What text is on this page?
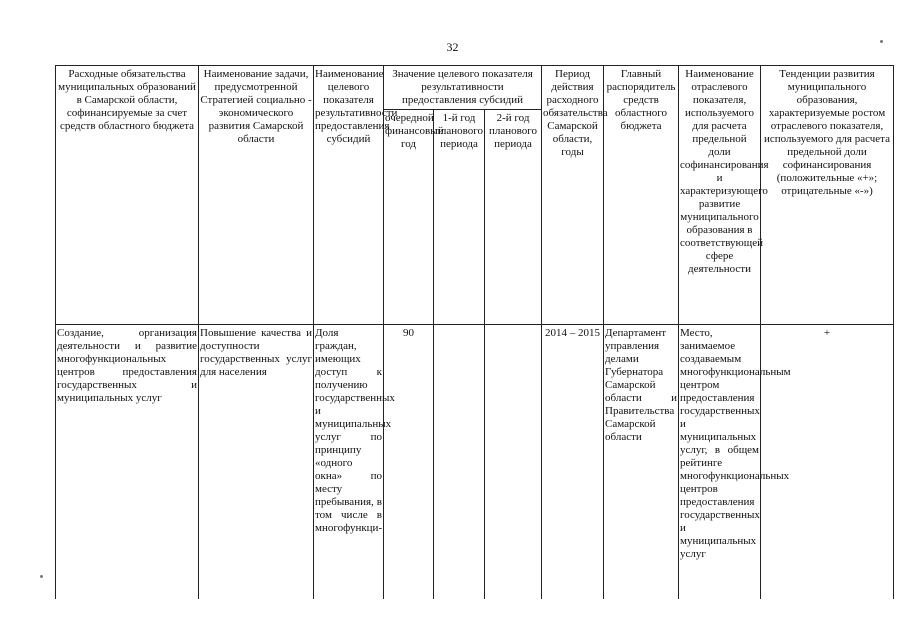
32
Расходные обязательства муниципальных образований в Самарской области, софинансируемые за счет средств областного бюджета	Наименование задачи, предусмотренной Стратегией социально - экономического развития Самарской области	Наименование целевого показателя результативности предоставления субсидий	Значение целевого показателя результативности предоставления субсидий			Период действия расходного обязательства Самарской области, годы	Главный распорядитель средств областного бюджета	Наименование отраслевого показателя, используемого для расчета предельной доли софинансирования и характеризующего развитие муниципального образования в соответствующей сфере деятельности	Тенденции развития муниципального образования, характеризуемые ростом отраслевого показателя, используемого для расчета предельной доли софинансирования (положительные «+»; отрицательные «-»)
			очередной финансовый год	1-й год планового периода	2-й год планового периода				
Создание, организация деятельности и развитие многофункциональных центров предоставления государственных и муниципальных услуг	Повышение качества и доступности государственных услуг для населения	Доля граждан, имеющих доступ к получению государственных и муниципальных услуг по принципу «одного окна» по месту пребывания, в том числе в многофункци-	90			2014 – 2015	Департамент управления делами Губернатора Самарской области и Правительства Самарской области	Место, занимаемое создаваемым многофункциональным центром предоставления государственных и муниципальных услуг, в общем рейтинге многофункциональных центров предоставления государственных и муниципальных услуг	+
